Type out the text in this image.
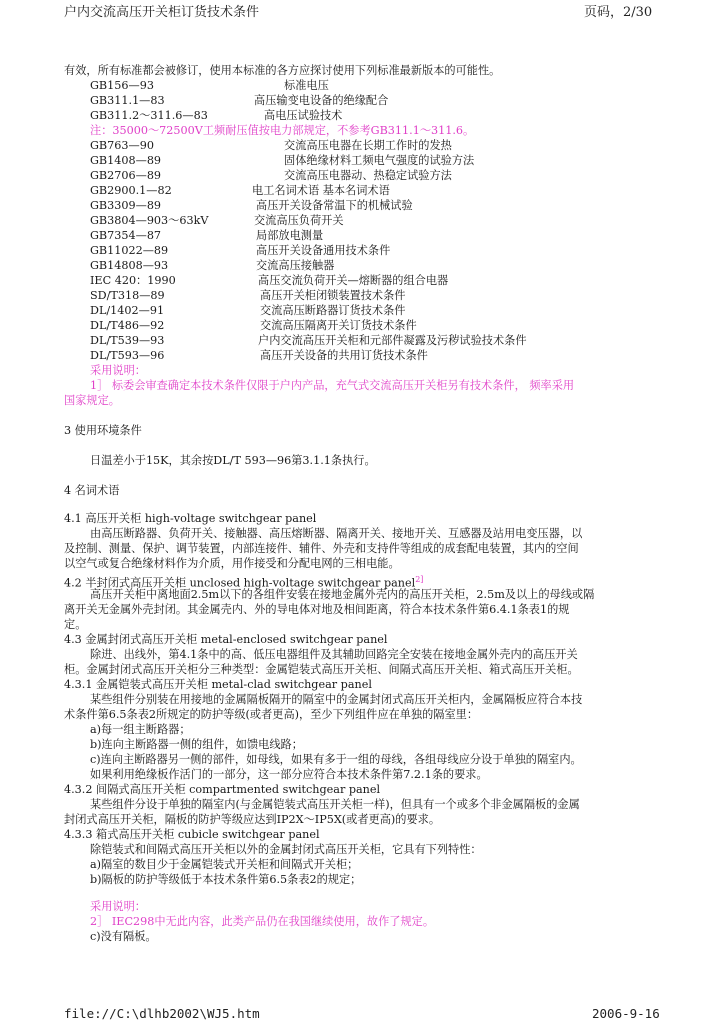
户内交流高压开关柜订货技术条件	页码，2/30
有效，所有标准都会被修订，使用本标准的各方应探讨使用下列标准最新版本的可能性。
GB156—93	标准电压
GB311.1—83	高压输变电设备的绝缘配合
GB311.2～311.6—83	高电压试验技术
注：35000～72500V工频耐压值按电力部规定，不参考GB311.1～311.6。
GB763—90	交流高压电器在长期工作时的发热
GB1408—89	固体绝缘材料工频电气强度的试验方法
GB2706—89	交流高压电器动、热稳定试验方法
GB2900.1—82	电工名词术语 基本名词术语
GB3309—89	高压开关设备常温下的机械试验
GB3804—903～63kV	交流高压负荷开关
GB7354—87	局部放电测量
GB11022—89	高压开关设备通用技术条件
GB14808—93	交流高压接触器
IEC 420：1990	高压交流负荷开关—熔断器的组合电器
SD/T318—89	高压开关柜闭锁装置技术条件
DL/1402—91	交流高压断路器订货技术条件
DL/T486—92	交流高压隔离开关订货技术条件
DL/T539—93	户内交流高压开关柜和元部件凝露及污秽试验技术条件
DL/T593—96	高压开关设备的共用订货技术条件
采用说明：
1］ 标委会审查确定本技术条件仅限于户内产品，充气式交流高压开关柜另有技术条件， 频率采用
国家规定。
3 使用环境条件
日温差小于15K，其余按DL/T 593—96第3.1.1条执行。
4 名词术语
4.1 高压开关柜 high-voltage switchgear panel
由高压断路器、负荷开关、接触器、高压熔断器、隔离开关、接地开关、互感器及站用电变压器，以
及控制、测量、保护、调节装置，内部连接件、辅件、外壳和支持件等组成的成套配电装置，其内的空间
以空气或复合绝缘材料作为介质，用作接受和分配电网的三相电能。
4.2 半封闭式高压开关柜 unclosed high-voltage switchgear panel$^{2]}$
高压开关柜中离地面2.5m以下的各组件安装在接地金属外壳内的高压开关柜，2.5m及以上的母线或隔
离开关无金属外壳封闭。其金属壳内、外的导电体对地及相间距离，符合本技术条件第6.4.1条表1的规
定。
4.3 金属封闭式高压开关柜 metal-enclosed switchgear panel
除进、出线外，第4.1条中的高、低压电器组件及其辅助回路完全安装在接地金属外壳内的高压开关
柜。金属封闭式高压开关柜分三种类型：金属铠装式高压开关柜、间隔式高压开关柜、箱式高压开关柜。
4.3.1 金属铠装式高压开关柜 metal-clad switchgear panel
某些组件分别装在用接地的金属隔板隔开的隔室中的金属封闭式高压开关柜内，金属隔板应符合本技
术条件第6.5条表2所规定的防护等级(或者更高)，至少下列组件应在单独的隔室里：
a)每一组主断路器；
b)连向主断路器一侧的组件，如馈电线路；
c)连向主断路器另一侧的部件，如母线，如果有多于一组的母线，各组母线应分设于单独的隔室内。
如果利用绝缘板作活门的一部分，这一部分应符合本技术条件第7.2.1条的要求。
4.3.2 间隔式高压开关柜 compartmented switchgear panel
某些组件分设于单独的隔室内(与金属铠装式高压开关柜一样)，但具有一个或多个非金属隔板的金属
封闭式高压开关柜，隔板的防护等级应达到IP2X～IP5X(或者更高)的要求。
4.3.3 箱式高压开关柜 cubicle switchgear panel
除铠装式和间隔式高压开关柜以外的金属封闭式高压开关柜，它具有下列特性：
a)隔室的数目少于金属铠装式开关柜和间隔式开关柜；
b)隔板的防护等级低于本技术条件第6.5条表2的规定；
采用说明：
2］ IEC298中无此内容，此类产品仍在我国继续使用，故作了规定。
c)没有隔板。
file://C:\dlhb2002\WJ5.htm	2006-9-16
